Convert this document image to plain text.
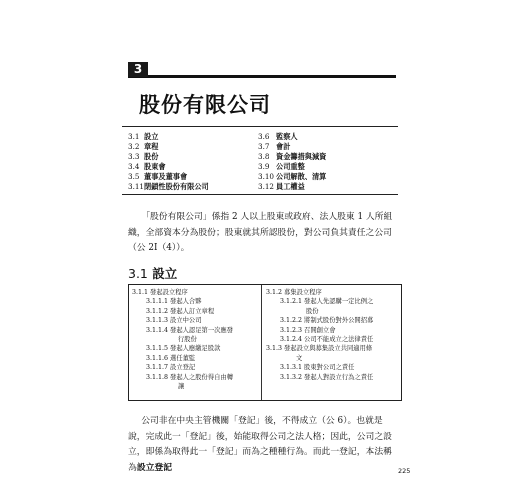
3
股份有限公司
3.1 設立
3.2 章程
3.3 股份
3.4 股東會
3.5 董事及董事會
3.11閉鎖性股份有限公司
3.6 監察人
3.7 會計
3.8 資金籌措與減資
3.9 公司重整
3.10 公司解散、清算
3.12 員工權益
「股份有限公司」係指 2 人以上股東或政府、法人股東 1 人所組織，全部資本分為股份；股東就其所認股份，對公司負其責任之公司（公 2Ⅰ（4））。
3.1 設立
3.1.1 發起設立程序
3.1.1.1 發起人合夥
3.1.1.2 發起人訂立章程
3.1.1.3 設立中公司
3.1.1.4 發起人認足第一次應發
行股份
3.1.1.5 發起人應繳足股款
3.1.1.6 選任董監
3.1.1.7 設立登記
3.1.1.8 發起人之股份得自由轉
讓
3.1.2 募集設立程序
3.1.2.1 發起人先認購一定比例之
股份
3.1.2.2 將制式股份對外公開招募
3.1.2.3 召開創立會
3.1.2.4 公司不能成立之法律責任
3.1.3 發起設立與募集設立共同適用條
文
3.1.3.1 股東對公司之責任
3.1.3.2 發起人對設立行為之責任
公司非在中央主管機關「登記」後，不得成立（公 6）。也就是說，完成此一「登記」後，始能取得公司之法人格；因此，公司之設立，即係為取得此一「登記」而為之種種行為。而此一登記，本法稱為設立登記	225
